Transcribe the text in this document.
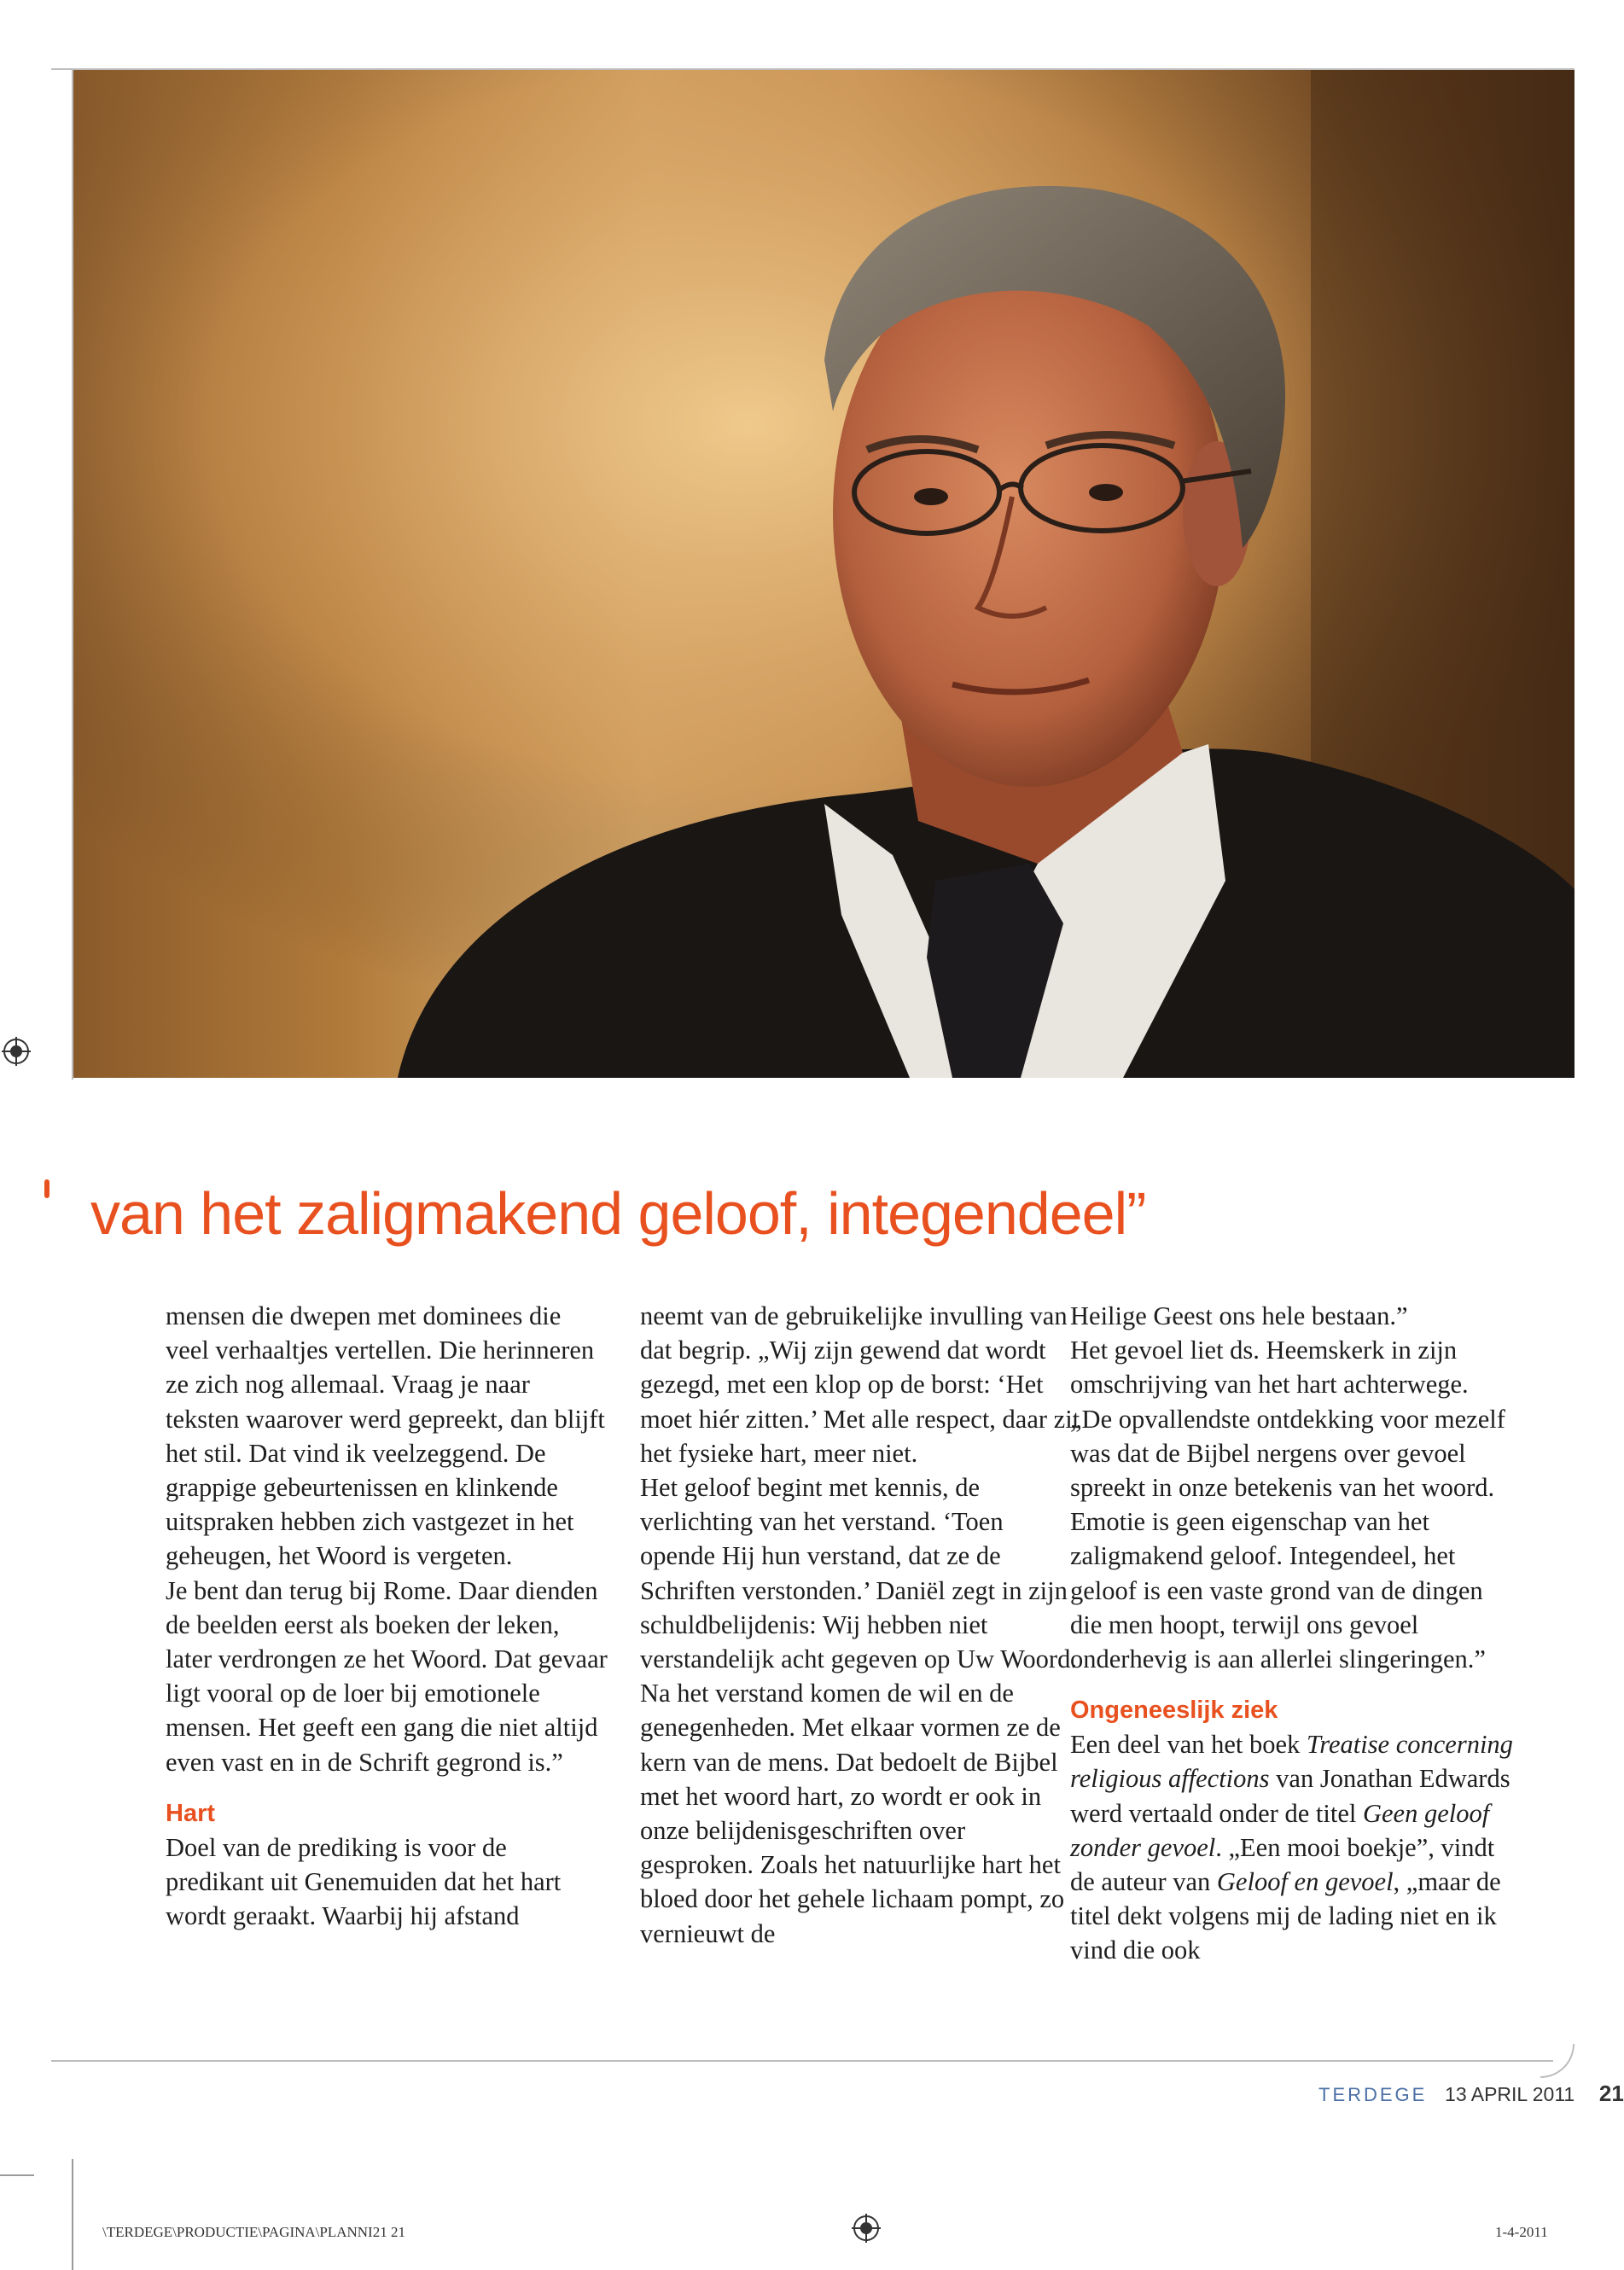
van het zaligmakend geloof, integendeel”

mensen die dwepen met dominees die veel verhaaltjes vertellen. Die herinneren ze zich nog allemaal. Vraag je naar teksten waarover werd gepreekt, dan blijft het stil. Dat vind ik veelzeggend. De grappige gebeurtenissen en klinkende uitspraken hebben zich vastgezet in het geheugen, het Woord is vergeten.

Je bent dan terug bij Rome. Daar dienden de beelden eerst als boeken der leken, later verdrongen ze het Woord. Dat gevaar ligt vooral op de loer bij emotionele mensen. Het geeft een gang die niet altijd even vast en in de Schrift gegrond is.”

Hart

Doel van de prediking is voor de predikant uit Genemuiden dat het hart wordt geraakt. Waarbij hij afstand

neemt van de gebruikelijke invulling van dat begrip. „Wij zijn gewend dat wordt gezegd, met een klop op de borst: ‘Het moet hiér zitten.’ Met alle respect, daar zit het fysieke hart, meer niet.

Het geloof begint met kennis, de verlichting van het verstand. ‘Toen opende Hij hun verstand, dat ze de Schriften verstonden.’ Daniël zegt in zijn schuldbelijdenis: Wij hebben niet verstandelijk acht gegeven op Uw Woord. Na het verstand komen de wil en de genegenheden. Met elkaar vormen ze de kern van de mens. Dat bedoelt de Bijbel met het woord hart, zo wordt er ook in onze belijdenisgeschriften over gesproken. Zoals het natuurlijke hart het bloed door het gehele lichaam pompt, zo vernieuwt de

Heilige Geest ons hele bestaan.”

Het gevoel liet ds. Heemskerk in zijn omschrijving van het hart achterwege. „De opvallendste ontdekking voor mezelf was dat de Bijbel nergens over gevoel spreekt in onze betekenis van het woord. Emotie is geen eigenschap van het zaligmakend geloof. Integendeel, het geloof is een vaste grond van de dingen die men hoopt, terwijl ons gevoel onderhevig is aan allerlei slingeringen.”

Ongeneeslijk ziek

Een deel van het boek Treatise concerning religious affections van Jonathan Edwards werd vertaald onder de titel Geen geloof zonder gevoel. „Een mooi boekje”, vindt de auteur van Geloof en gevoel, „maar de titel dekt volgens mij de lading niet en ik vind die ook

TERDEGE 13 APRIL 2011 21
\TERDEGE\PRODUCTIE\PAGINA\PLANNI21 21	1-4-2011
